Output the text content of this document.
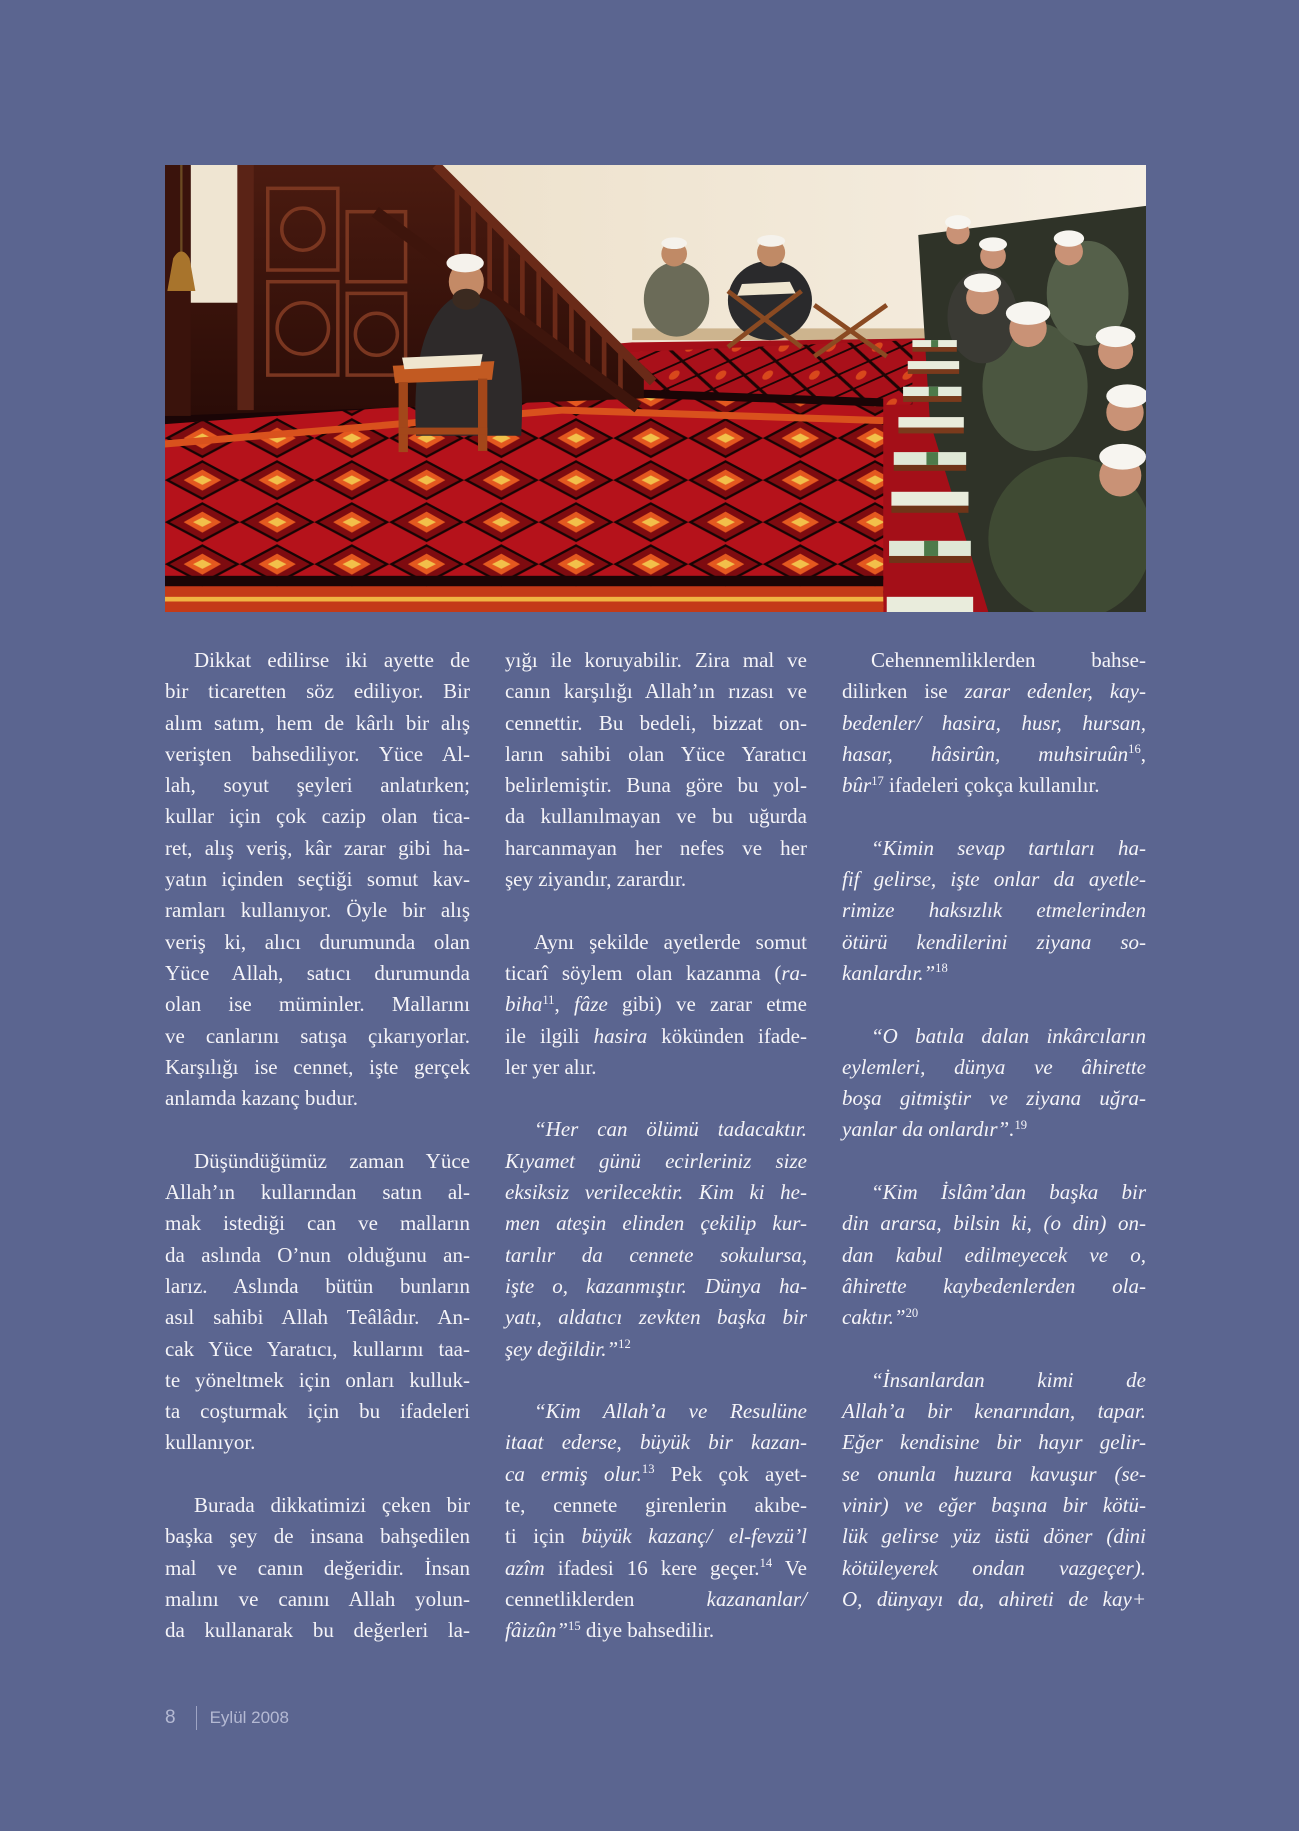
Dikkat edilirse iki ayette de
bir ticaretten söz ediliyor. Bir
alım satım, hem de kârlı bir alış
verişten bahsediliyor. Yüce Al-
lah, soyut şeyleri anlatırken;
kullar için çok cazip olan tica-
ret, alış veriş, kâr zarar gibi ha-
yatın içinden seçtiği somut kav-
ramları kullanıyor. Öyle bir alış
veriş ki, alıcı durumunda olan
Yüce Allah, satıcı durumunda
olan ise müminler. Mallarını
ve canlarını satışa çıkarıyorlar.
Karşılığı ise cennet, işte gerçek
anlamda kazanç budur.
Düşündüğümüz zaman Yüce
Allah’ın kullarından satın al-
mak istediği can ve malların
da aslında O’nun olduğunu an-
larız. Aslında bütün bunların
asıl sahibi Allah Teâlâdır. An-
cak Yüce Yaratıcı, kullarını taa-
te yöneltmek için onları kulluk-
ta coşturmak için bu ifadeleri
kullanıyor.
Burada dikkatimizi çeken bir
başka şey de insana bahşedilen
mal ve canın değeridir. İnsan
malını ve canını Allah yolun-
da kullanarak bu değerleri la-
yığı ile koruyabilir. Zira mal ve
canın karşılığı Allah’ın rızası ve
cennettir. Bu bedeli, bizzat on-
ların sahibi olan Yüce Yaratıcı
belirlemiştir. Buna göre bu yol-
da kullanılmayan ve bu uğurda
harcanmayan her nefes ve her
şey ziyandır, zarardır.
Aynı şekilde ayetlerde somut
ticarî söylem olan kazanma (ra-
biha$^{11}$, fâze gibi) ve zarar etme
ile ilgili hasira kökünden ifade-
ler yer alır.
“Her can ölümü tadacaktır.
Kıyamet günü ecirleriniz size
eksiksiz verilecektir. Kim ki he-
men ateşin elinden çekilip kur-
tarılır da cennete sokulursa,
işte o, kazanmıştır. Dünya ha-
yatı, aldatıcı zevkten başka bir
şey değildir.”$^{12}$
“Kim Allah’a ve Resulüne
itaat ederse, büyük bir kazan-
ca ermiş olur.$^{13}$ Pek çok ayet-
te, cennete girenlerin akıbe-
ti için büyük kazanç/ el-fevzü’l
azîm ifadesi 16 kere geçer.$^{14}$ Ve
cennetliklerden kazananlar/
fâizûn”$^{15}$ diye bahsedilir.
Cehennemliklerden bahse-
dilirken ise zarar edenler, kay-
bedenler/ hasira, husr, hursan,
hasar, hâsirûn, muhsiruûn$^{16}$,
bûr$^{17}$ ifadeleri çokça kullanılır.
“Kimin sevap tartıları ha-
fif gelirse, işte onlar da ayetle-
rimize haksızlık etmelerinden
ötürü kendilerini ziyana so-
kanlardır.”$^{18}$
“O batıla dalan inkârcıların
eylemleri, dünya ve âhirette
boşa gitmiştir ve ziyana uğra-
yanlar da onlardır”.$^{19}$
“Kim İslâm’dan başka bir
din ararsa, bilsin ki, (o din) on-
dan kabul edilmeyecek ve o,
âhirette kaybedenlerden ola-
caktır.”$^{20}$
“İnsanlardan kimi de
Allah’a bir kenarından, tapar.
Eğer kendisine bir hayır gelir-
se onunla huzura kavuşur (se-
vinir) ve eğer başına bir kötü-
lük gelirse yüz üstü döner (dini
kötüleyerek ondan vazgeçer).
O, dünyayı da, ahireti de kay+
8 Eylül 2008
